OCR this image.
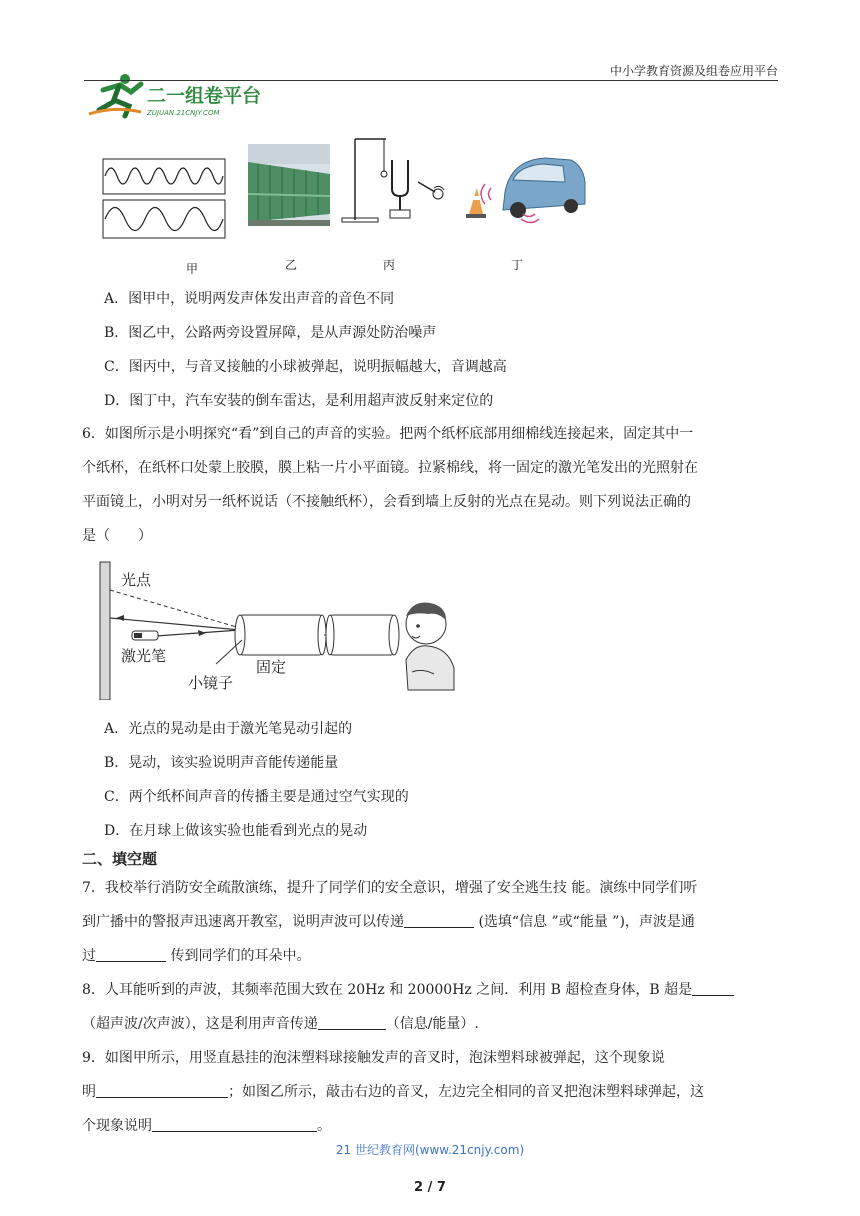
中小学教育资源及组卷应用平台
二一组卷平台
ZUJUAN.21CNJY.COM
甲	乙	丙	丁
A．图甲中，说明两发声体发出声音的音色不同
B．图乙中，公路两旁设置屏障，是从声源处防治噪声
C．图丙中，与音叉接触的小球被弹起，说明振幅越大，音调越高
D．图丁中，汽车安装的倒车雷达，是利用超声波反射来定位的
6．如图所示是小明探究“看”到自己的声音的实验。把两个纸杯底部用细棉线连接起来，固定其中一
个纸杯，在纸杯口处蒙上胶膜，膜上粘一片小平面镜。拉紧棉线，将一固定的激光笔发出的光照射在
平面镜上，小明对另一纸杯说话（不接触纸杯），会看到墙上反射的光点在晃动。则下列说法正确的
是（　　）
光点
激光笔
小镜子
固定
A．光点的晃动是由于激光笔晃动引起的
B．晃动，该实验说明声音能传递能量
C．两个纸杯间声音的传播主要是通过空气实现的
D．在月球上做该实验也能看到光点的晃动
二、填空题
7．我校举行消防安全疏散演练，提升了同学们的安全意识，增强了安全逃生技 能。演练中同学们听
到广播中的警报声迅速离开教室，说明声波可以传递	(选填“信息 ”或“能量 ”)，声波是通
过	传到同学们的耳朵中。
8．人耳能听到的声波，其频率范围大致在 20Hz 和 20000Hz 之间．利用 B 超检查身体，B 超是
（超声波/次声波），这是利用声音传递	（信息/能量）.
9．如图甲所示，用竖直悬挂的泡沫塑料球接触发声的音叉时，泡沫塑料球被弹起，这个现象说
明	；如图乙所示，敲击右边的音叉，左边完全相同的音叉把泡沫塑料球弹起，这
个现象说明	。
21 世纪教育网(www.21cnjy.com)
2 / 7
